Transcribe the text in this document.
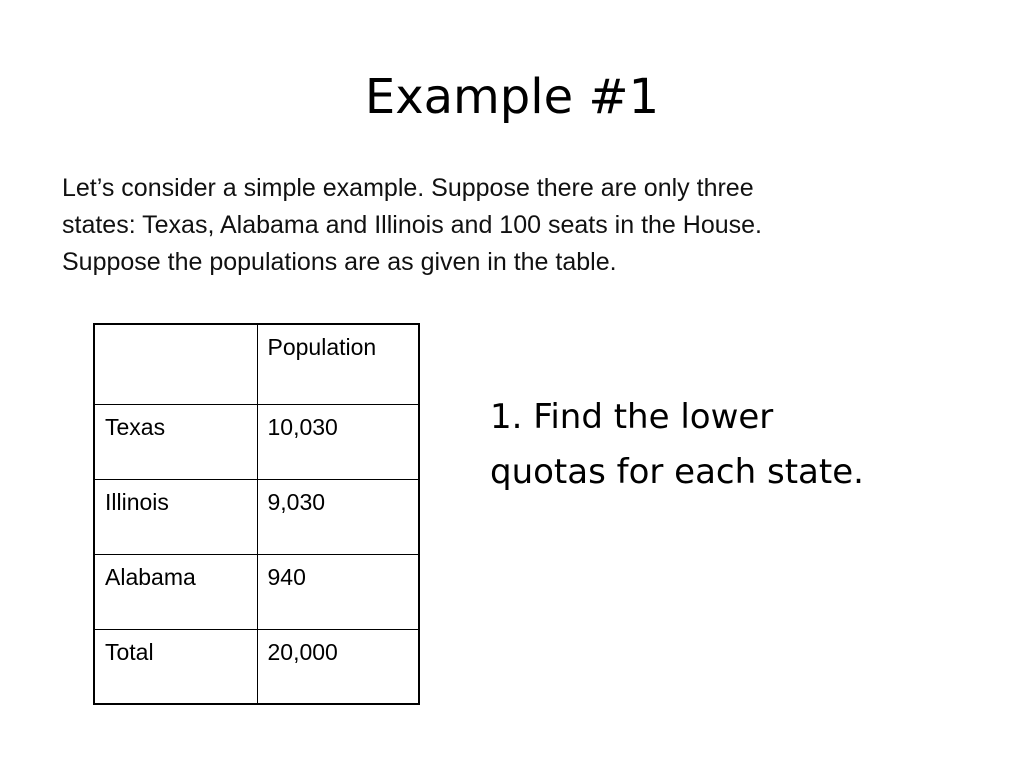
Example #1

Let’s consider a simple example. Suppose there are only three
states: Texas, Alabama and Illinois and 100 seats in the House.
Suppose the populations are as given in the table.

	Population
Texas	10,030
Illinois	9,030
Alabama	940
Total	20,000

1. Find the lower
quotas for each state.
